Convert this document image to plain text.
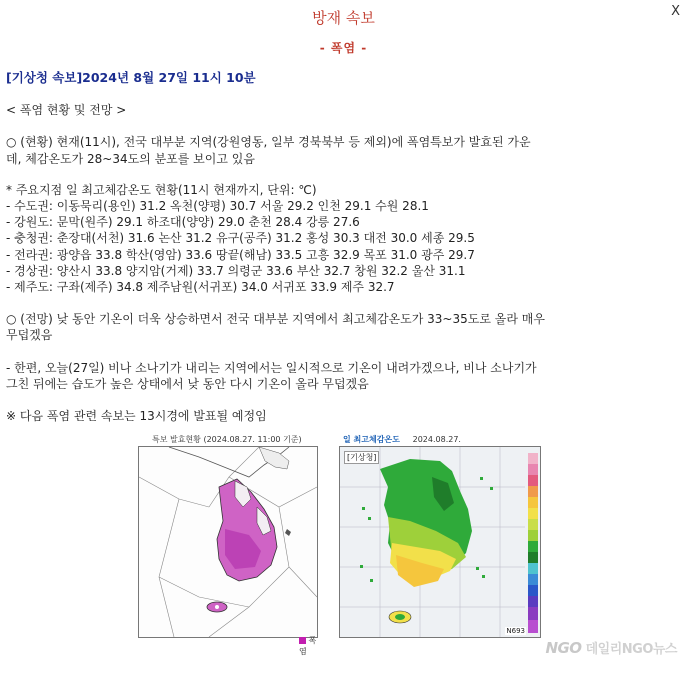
방재 속보
- 폭염 -
X
[기상청 속보]2024년 8월 27일 11시 10분
< 폭염 현황 및 전망 >
○ (현황) 현재(11시), 전국 대부분 지역(강원영동, 일부 경북북부 등 제외)에 폭염특보가 발효된 가운
데, 체감온도가 28~34도의 분포를 보이고 있음
* 주요지점 일 최고체감온도 현황(11시 현재까지, 단위: ℃)
- 수도권: 이동묵리(용인) 31.2 옥천(양평) 30.7 서울 29.2 인천 29.1 수원 28.1
- 강원도: 문막(원주) 29.1 하조대(양양) 29.0 춘천 28.4 강릉 27.6
- 충청권: 춘장대(서천) 31.6 논산 31.2 유구(공주) 31.2 홍성 30.3 대전 30.0 세종 29.5
- 전라권: 광양읍 33.8 학산(영암) 33.6 땅끝(해남) 33.5 고흥 32.9 목포 31.0 광주 29.7
- 경상권: 양산시 33.8 양지암(거제) 33.7 의령군 33.6 부산 32.7 창원 32.2 울산 31.1
- 제주도: 구좌(제주) 34.8 제주남원(서귀포) 34.0 서귀포 33.9 제주 32.7
○ (전망) 낮 동안 기온이 더욱 상승하면서 전국 대부분 지역에서 최고체감온도가 33~35도로 올라 매우
무덥겠음
- 한편, 오늘(27일) 비나 소나기가 내리는 지역에서는 일시적으로 기온이 내려가겠으나, 비나 소나기가
그친 뒤에는 습도가 높은 상태에서 낮 동안 다시 기온이 올라 무덥겠음
※ 다음 폭염 관련 속보는 13시경에 발표될 예정임
특보 발효현황 (2024.08.27. 11:00 기준)	일 최고체감온도 2024.08.27.
폭염
[기상청]
N693
NGO 데일리NGO뉴스
